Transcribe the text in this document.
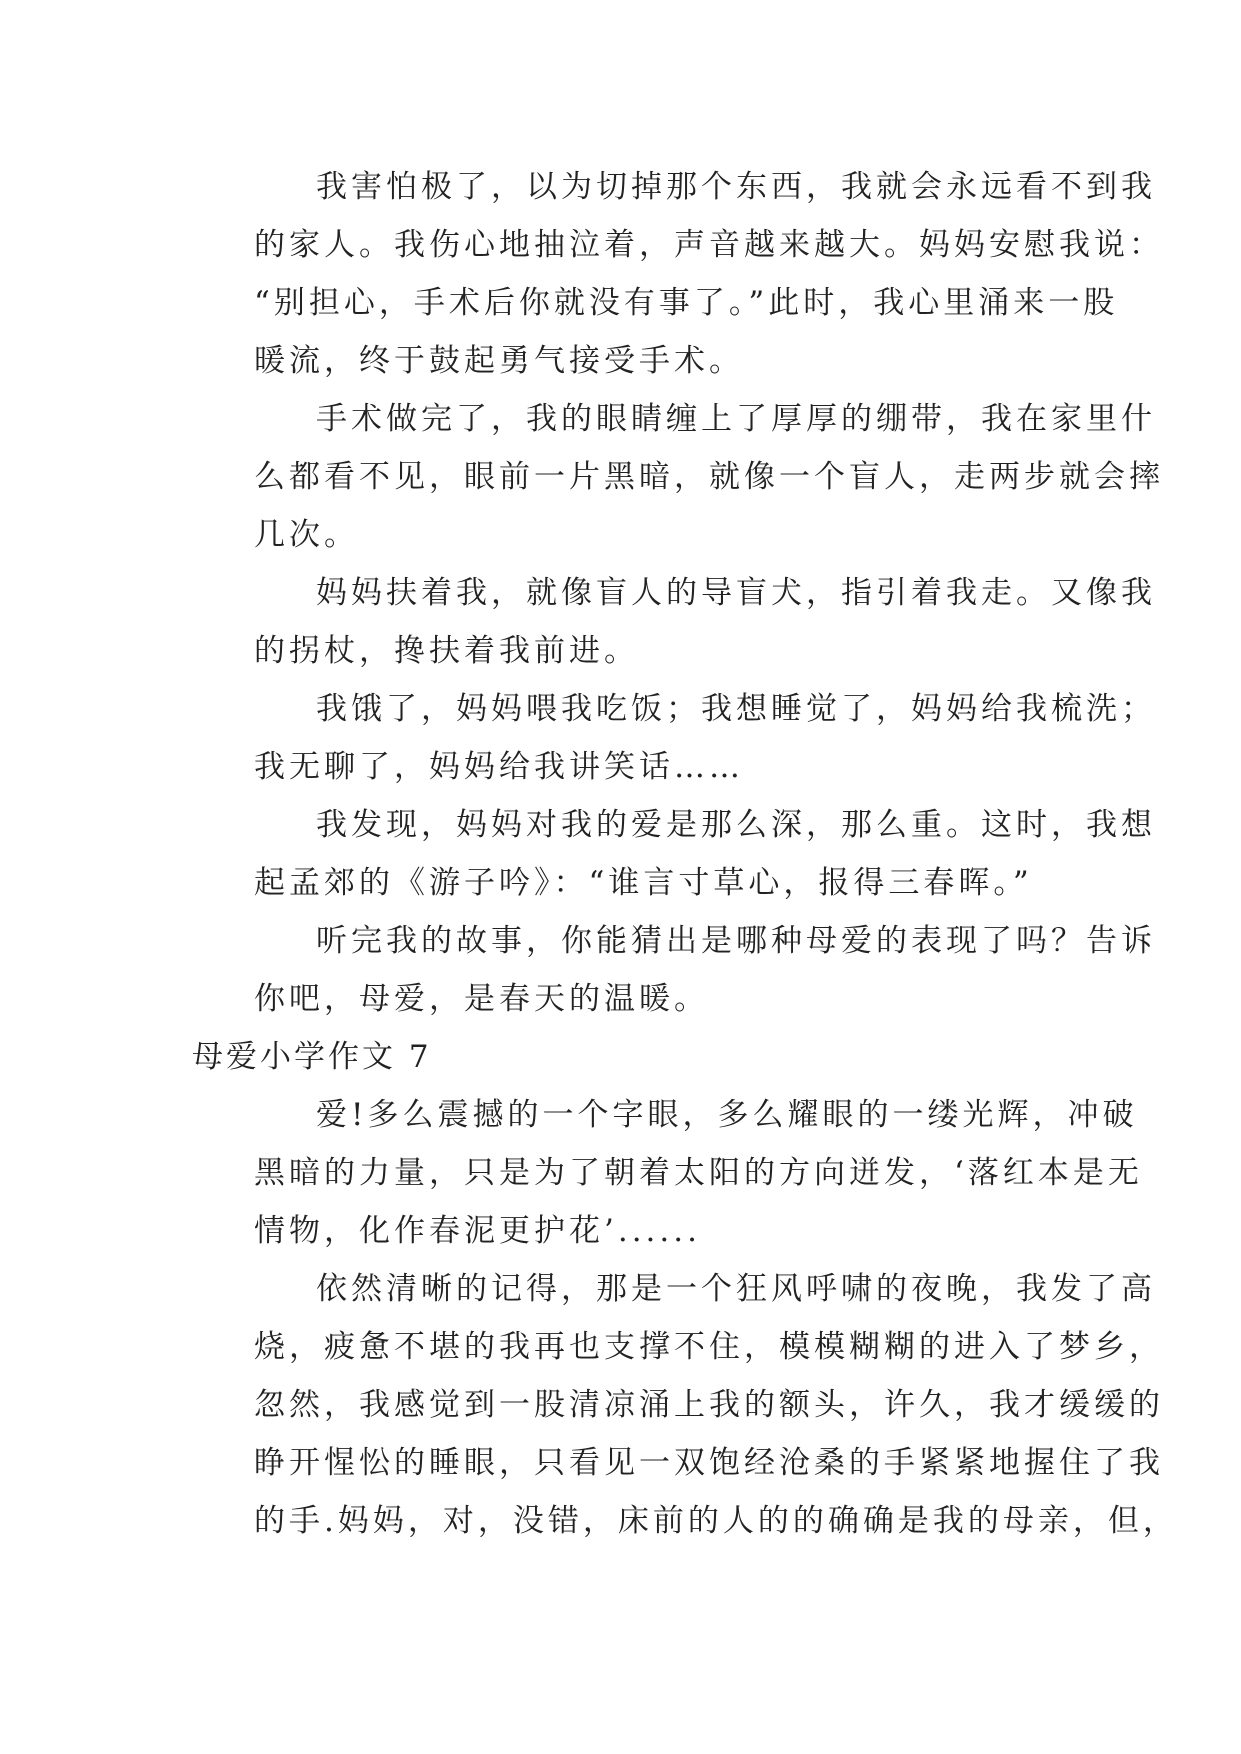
我害怕极了，以为切掉那个东西，我就会永远看不到我
的家人。我伤心地抽泣着，声音越来越大。妈妈安慰我说：
“别担心，手术后你就没有事了。”此时，我心里涌来一股
暖流，终于鼓起勇气接受手术。
手术做完了，我的眼睛缠上了厚厚的绷带，我在家里什
么都看不见，眼前一片黑暗，就像一个盲人，走两步就会摔
几次。
妈妈扶着我，就像盲人的导盲犬，指引着我走。又像我
的拐杖，搀扶着我前进。
我饿了，妈妈喂我吃饭；我想睡觉了，妈妈给我梳洗；
我无聊了，妈妈给我讲笑话……
我发现，妈妈对我的爱是那么深，那么重。这时，我想
起孟郊的《游子吟》：“谁言寸草心，报得三春晖。”
听完我的故事，你能猜出是哪种母爱的表现了吗？告诉
你吧，母爱，是春天的温暖。
母爱小学作文 7
爱!多么震撼的一个字眼，多么耀眼的一缕光辉，冲破
黑暗的力量，只是为了朝着太阳的方向迸发，‘落红本是无
情物，化作春泥更护花’......
依然清晰的记得，那是一个狂风呼啸的夜晚，我发了高
烧，疲惫不堪的我再也支撑不住，模模糊糊的进入了梦乡，
忽然，我感觉到一股清凉涌上我的额头，许久，我才缓缓的
睁开惺忪的睡眼，只看见一双饱经沧桑的手紧紧地握住了我
的手.妈妈，对，没错，床前的人的的确确是我的母亲，但，
